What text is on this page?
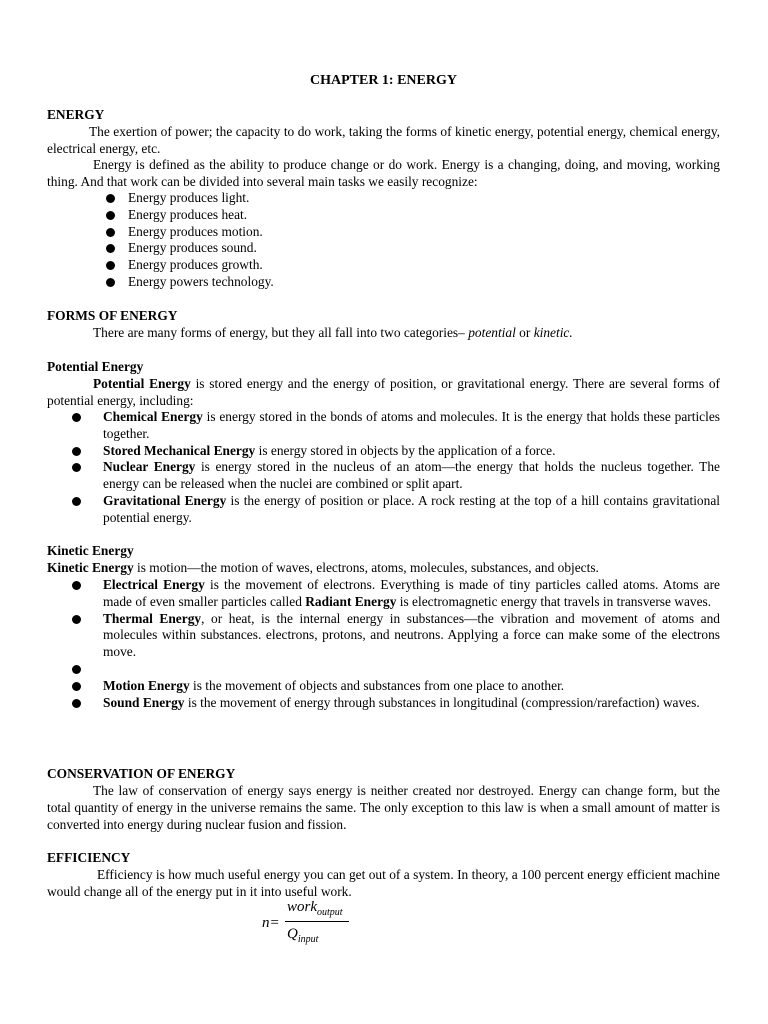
CHAPTER 1: ENERGY
ENERGY
The exertion of power; the capacity to do work, taking the forms of kinetic energy, potential energy, chemical energy, electrical energy, etc.
Energy is defined as the ability to produce change or do work. Energy is a changing, doing, and moving, working thing. And that work can be divided into several main tasks we easily recognize:
Energy produces light.
Energy produces heat.
Energy produces motion.
Energy produces sound.
Energy produces growth.
Energy powers technology.
FORMS OF ENERGY
There are many forms of energy, but they all fall into two categories– potential or kinetic.
Potential Energy
Potential Energy is stored energy and the energy of position, or gravitational energy. There are several forms of potential energy, including:
Chemical Energy is energy stored in the bonds of atoms and molecules. It is the energy that holds these particles together.
Stored Mechanical Energy is energy stored in objects by the application of a force.
Nuclear Energy is energy stored in the nucleus of an atom—the energy that holds the nucleus together. The energy can be released when the nuclei are combined or split apart.
Gravitational Energy is the energy of position or place. A rock resting at the top of a hill contains gravitational potential energy.
Kinetic Energy
Kinetic Energy is motion—the motion of waves, electrons, atoms, molecules, substances, and objects.
Electrical Energy is the movement of electrons. Everything is made of tiny particles called atoms. Atoms are made of even smaller particles called Radiant Energy is electromagnetic energy that travels in transverse waves.
Thermal Energy, or heat, is the internal energy in substances—the vibration and movement of atoms and molecules within substances. electrons, protons, and neutrons. Applying a force can make some of the electrons move.
Motion Energy is the movement of objects and substances from one place to another.
Sound Energy is the movement of energy through substances in longitudinal (compression/rarefaction) waves.
CONSERVATION OF ENERGY
The law of conservation of energy says energy is neither created nor destroyed. Energy can change form, but the total quantity of energy in the universe remains the same. The only exception to this law is when a small amount of matter is converted into energy during nuclear fusion and fission.
EFFICIENCY
Efficiency is how much useful energy you can get out of a system. In theory, a 100 percent energy efficient machine would change all of the energy put in it into useful work.
n=
work$_{output}$
$Q_{input}$
